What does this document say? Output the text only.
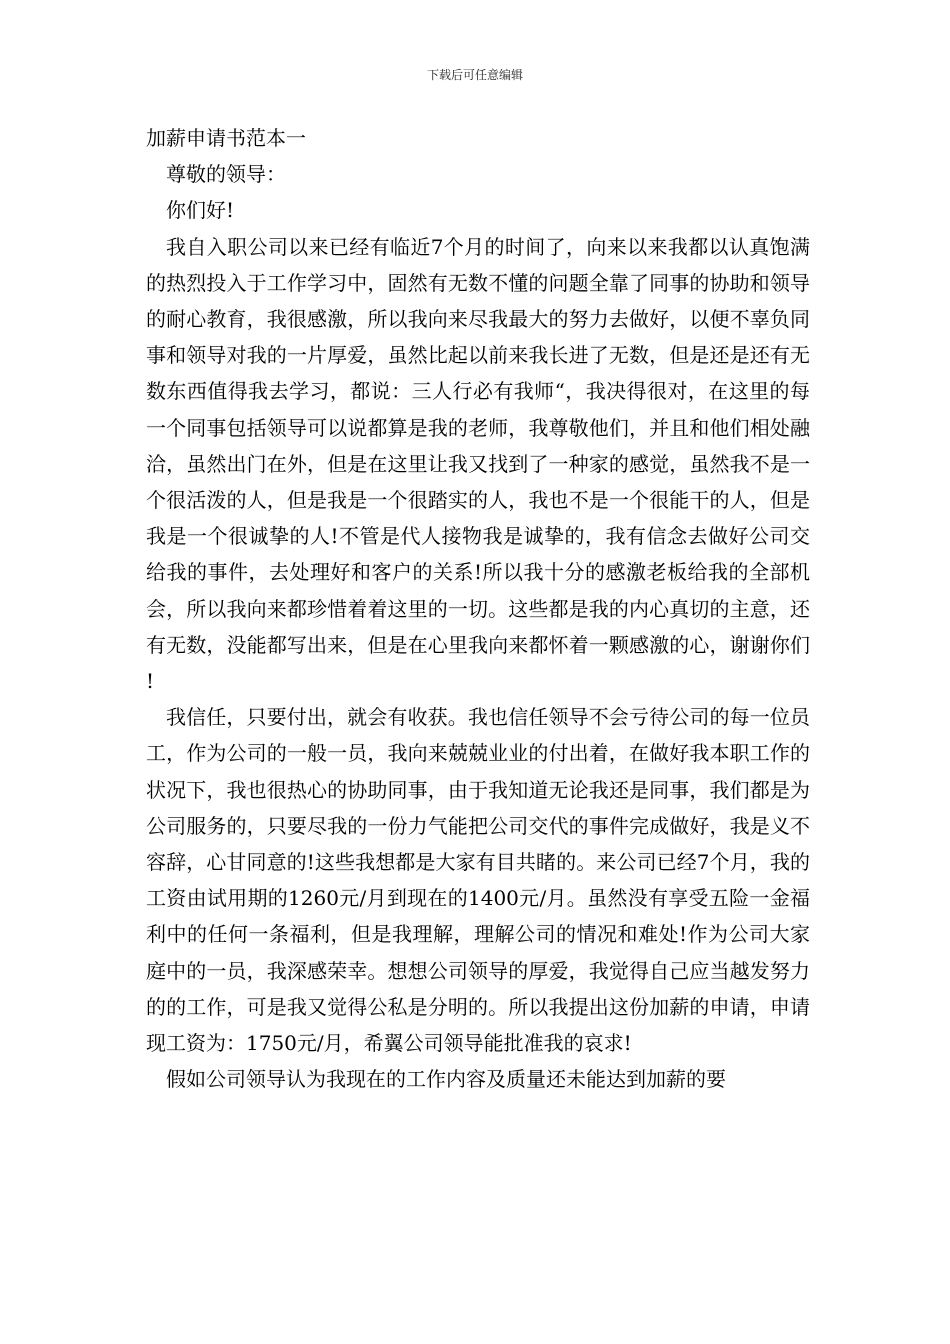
下载后可任意编辑
加薪申请书范本一

尊敬的领导：

你们好!

我自入职公司以来已经有临近7个月的时间了，向来以来我都以认真饱满的热烈投入于工作学习中，固然有无数不懂的问题全靠了同事的协助和领导的耐心教育，我很感激，所以我向来尽我最大的努力去做好，以便不辜负同事和领导对我的一片厚爱，虽然比起以前来我长进了无数，但是还是还有无数东西值得我去学习，都说：三人行必有我师“，我决得很对，在这里的每一个同事包括领导可以说都算是我的老师，我尊敬他们，并且和他们相处融洽，虽然出门在外，但是在这里让我又找到了一种家的感觉，虽然我不是一个很活泼的人，但是我是一个很踏实的人，我也不是一个很能干的人，但是我是一个很诚挚的人!不管是代人接物我是诚挚的，我有信念去做好公司交给我的事件，去处理好和客户的关系!所以我十分的感激老板给我的全部机会，所以我向来都珍惜着着这里的一切。这些都是我的内心真切的主意，还有无数，没能都写出来，但是在心里我向来都怀着一颗感激的心，谢谢你们!

我信任，只要付出，就会有收获。我也信任领导不会亏待公司的每一位员工，作为公司的一般一员，我向来兢兢业业的付出着，在做好我本职工作的状况下，我也很热心的协助同事，由于我知道无论我还是同事，我们都是为公司服务的，只要尽我的一份力气能把公司交代的事件完成做好，我是义不容辞，心甘同意的!这些我想都是大家有目共睹的。来公司已经7个月，我的工资由试用期的1260元/月到现在的1400元/月。虽然没有享受五险一金福利中的任何一条福利，但是我理解，理解公司的情况和难处!作为公司大家庭中的一员，我深感荣幸。想想公司领导的厚爱，我觉得自己应当越发努力的的工作，可是我又觉得公私是分明的。所以我提出这份加薪的申请，申请现工资为：1750元/月，希翼公司领导能批准我的哀求!

假如公司领导认为我现在的工作内容及质量还未能达到加薪的要
